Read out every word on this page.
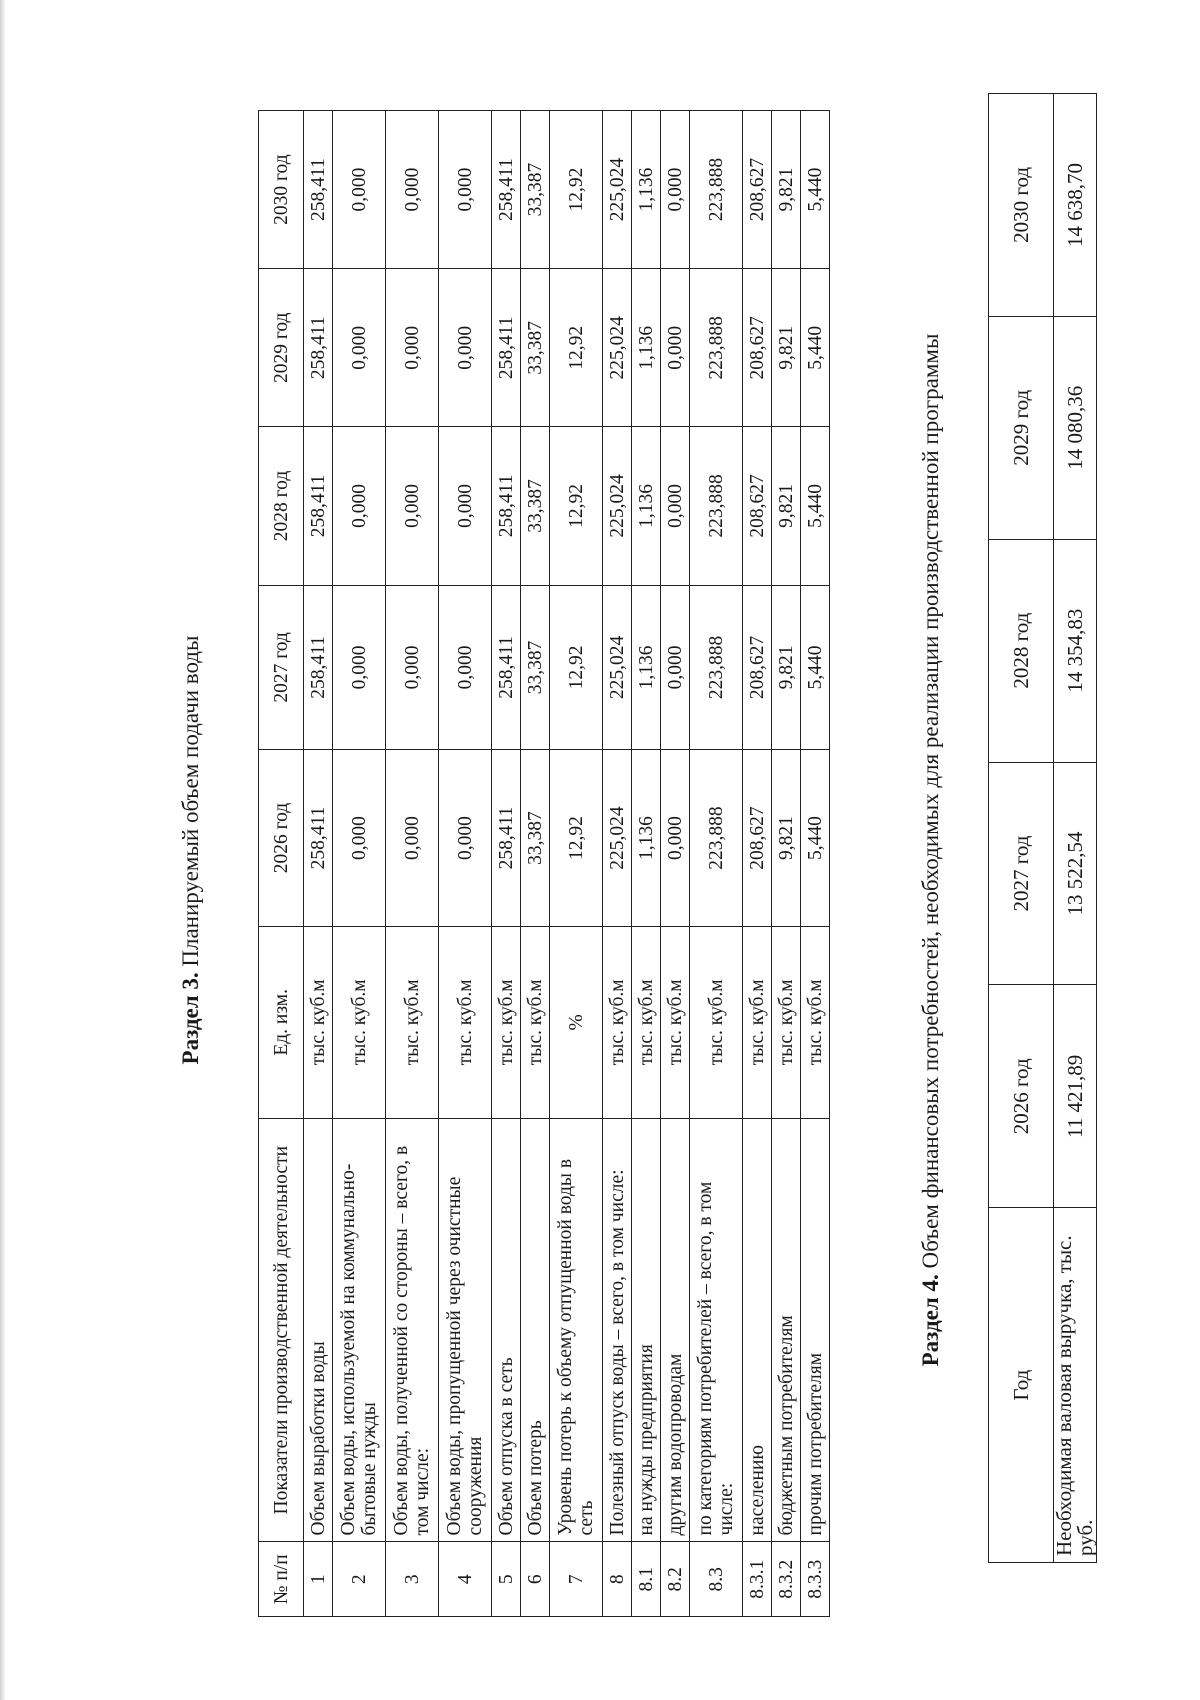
Раздел 3. Планируемый объем подачи воды
№ п/п	Показатели производственной деятельности	Ед. изм.	2026 год	2027 год	2028 год	2029 год	2030 год
1	Объем выработки воды	тыс. куб.м	258,411	258,411	258,411	258,411	258,411
2	Объем воды, используемой на коммунально-бытовые нужды	тыс. куб.м	0,000	0,000	0,000	0,000	0,000
3	Объем воды, полученной со стороны – всего, в том числе:	тыс. куб.м	0,000	0,000	0,000	0,000	0,000
4	Объем воды, пропущенной через очистные сооружения	тыс. куб.м	0,000	0,000	0,000	0,000	0,000
5	Объем отпуска в сеть	тыс. куб.м	258,411	258,411	258,411	258,411	258,411
6	Объем потерь	тыс. куб.м	33,387	33,387	33,387	33,387	33,387
7	Уровень потерь к объему отпущенной воды в сеть	%	12,92	12,92	12,92	12,92	12,92
8	Полезный отпуск воды – всего, в том числе:	тыс. куб.м	225,024	225,024	225,024	225,024	225,024
8.1	на нужды предприятия	тыс. куб.м	1,136	1,136	1,136	1,136	1,136
8.2	другим водопроводам	тыс. куб.м	0,000	0,000	0,000	0,000	0,000
8.3	по категориям потребителей – всего, в том числе:	тыс. куб.м	223,888	223,888	223,888	223,888	223,888
8.3.1	населению	тыс. куб.м	208,627	208,627	208,627	208,627	208,627
8.3.2	бюджетным потребителям	тыс. куб.м	9,821	9,821	9,821	9,821	9,821
8.3.3	прочим потребителям	тыс. куб.м	5,440	5,440	5,440	5,440	5,440
Раздел 4. Объем финансовых потребностей, необходимых для реализации производственной программы
Год	2026 год	2027 год	2028 год	2029 год	2030 год
Необходимая валовая выручка, тыс. руб.	11 421,89	13 522,54	14 354,83	14 080,36	14 638,70
